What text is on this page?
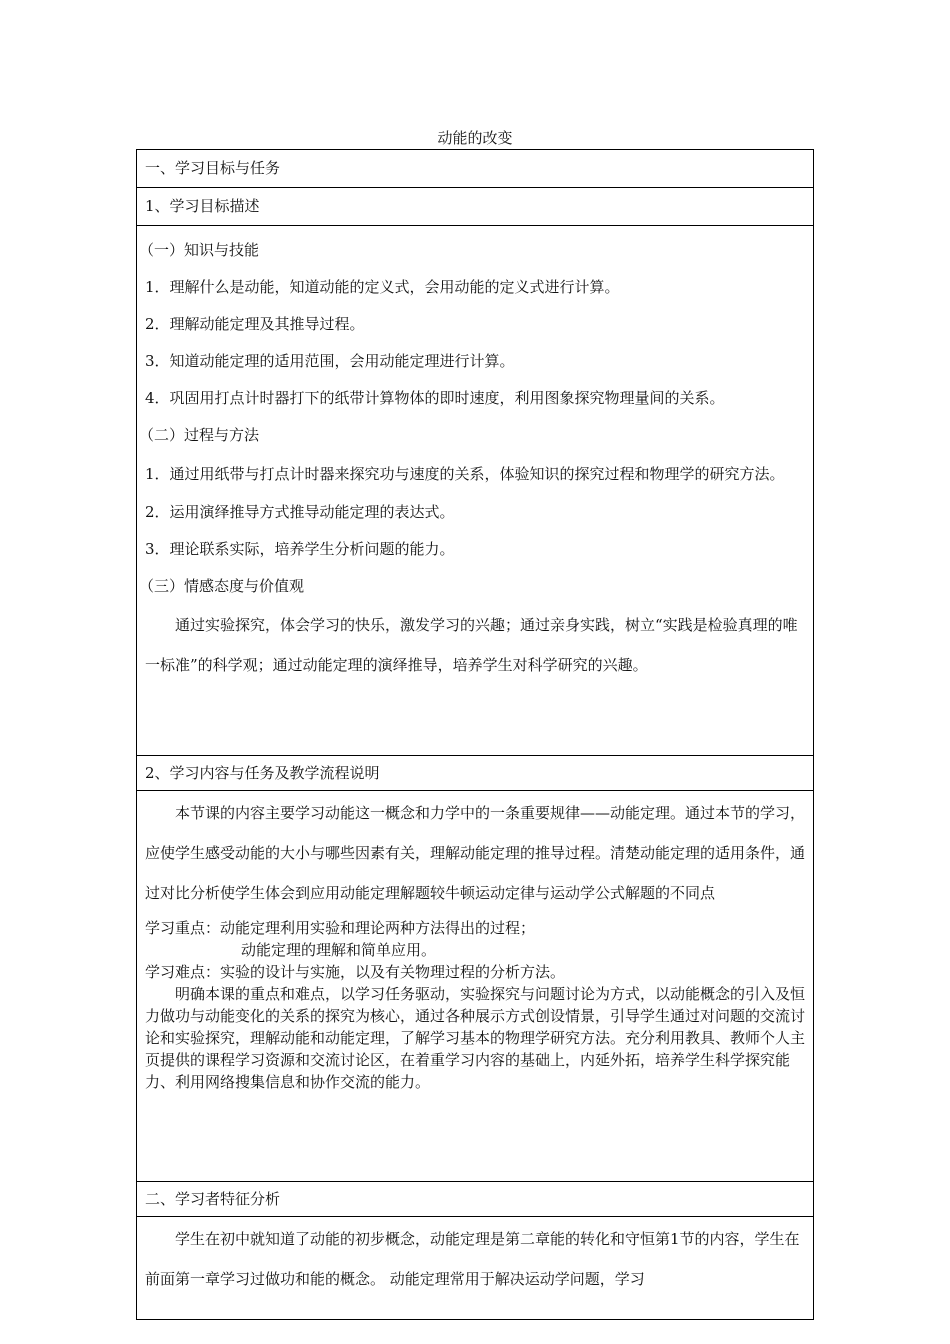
动能的改变
一、学习目标与任务
1、学习目标描述

（一）知识与技能

1．理解什么是动能，知道动能的定义式，会用动能的定义式进行计算。

2．理解动能定理及其推导过程。

3．知道动能定理的适用范围，会用动能定理进行计算。

4．巩固用打点计时器打下的纸带计算物体的即时速度，利用图象探究物理量间的关系。

（二）过程与方法

1．通过用纸带与打点计时器来探究功与速度的关系，体验知识的探究过程和物理学的研究方法。

2．运用演绎推导方式推导动能定理的表达式。

3．理论联系实际，培养学生分析问题的能力。

（三）情感态度与价值观

通过实验探究，体会学习的快乐，激发学习的兴趣；通过亲身实践，树立“实践是检验真理的唯一标准”的科学观；通过动能定理的演绎推导，培养学生对科学研究的兴趣。

2、学习内容与任务及教学流程说明

本节课的内容主要学习动能这一概念和力学中的一条重要规律——动能定理。通过本节的学习，应使学生感受动能的大小与哪些因素有关，理解动能定理的推导过程。清楚动能定理的适用条件，通过对比分析使学生体会到应用动能定理解题较牛顿运动定律与运动学公式解题的不同点

学习重点：动能定理利用实验和理论两种方法得出的过程；

动能定理的理解和简单应用。

学习难点：实验的设计与实施，以及有关物理过程的分析方法。

明确本课的重点和难点，以学习任务驱动，实验探究与问题讨论为方式，以动能概念的引入及恒力做功与动能变化的关系的探究为核心，通过各种展示方式创设情景，引导学生通过对问题的交流讨论和实验探究，理解动能和动能定理，了解学习基本的物理学研究方法。充分利用教具、教师个人主页提供的课程学习资源和交流讨论区，在着重学习内容的基础上，内延外拓，培养学生科学探究能力、利用网络搜集信息和协作交流的能力。

二、学习者特征分析

学生在初中就知道了动能的初步概念，动能定理是第二章能的转化和守恒第1节的内容，学生在前面第一章学习过做功和能的概念。 动能定理常用于解决运动学问题，学习
